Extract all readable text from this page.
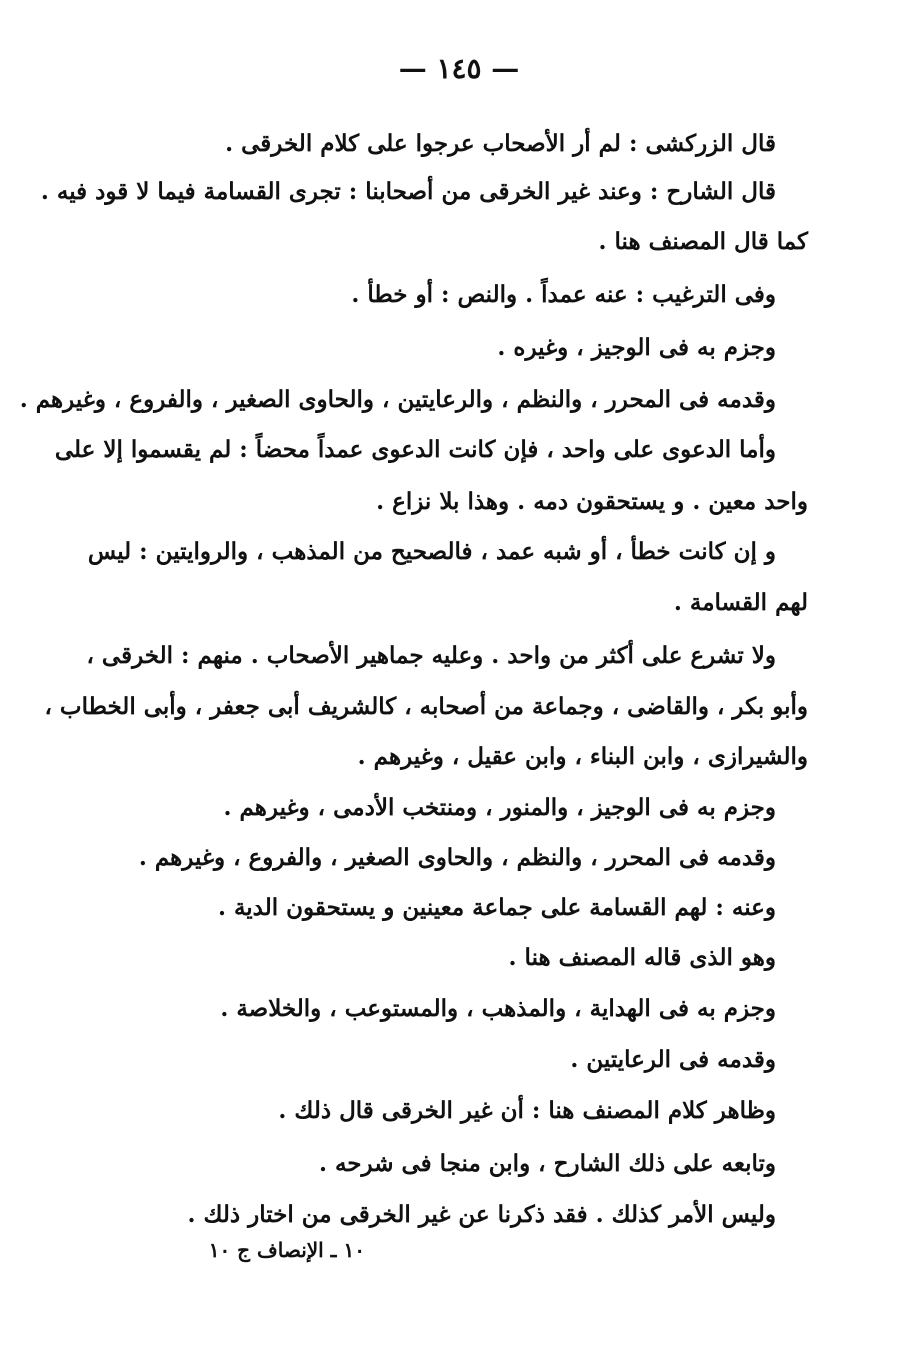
— ١٤٥ —
قال الزركشى : لم أر الأصحاب عرجوا على كلام الخرقى .
قال الشارح : وعند غير الخرقى من أصحابنا : تجرى القسامة فيما لا قود فيه .
كما قال المصنف هنا .
وفى الترغيب : عنه عمداً . والنص : أو خطأ .
وجزم به فى الوجيز ، وغيره .
وقدمه فى المحرر ، والنظم ، والرعايتين ، والحاوى الصغير ، والفروع ، وغيرهم .
وأما الدعوى على واحد ، فإن كانت الدعوى عمداً محضاً : لم يقسموا إلا على
واحد معين . و يستحقون دمه . وهذا بلا نزاع .
و إن كانت خطأ ، أو شبه عمد ، فالصحيح من المذهب ، والروايتين : ليس
لهم القسامة .
ولا تشرع على أكثر من واحد . وعليه جماهير الأصحاب . منهم : الخرقى ،
وأبو بكر ، والقاضى ، وجماعة من أصحابه ، كالشريف أبى جعفر ، وأبى الخطاب ،
والشيرازى ، وابن البناء ، وابن عقيل ، وغيرهم .
وجزم به فى الوجيز ، والمنور ، ومنتخب الأدمى ، وغيرهم .
وقدمه فى المحرر ، والنظم ، والحاوى الصغير ، والفروع ، وغيرهم .
وعنه : لهم القسامة على جماعة معينين و يستحقون الدية .
وهو الذى قاله المصنف هنا .
وجزم به فى الهداية ، والمذهب ، والمستوعب ، والخلاصة .
وقدمه فى الرعايتين .
وظاهر كلام المصنف هنا : أن غير الخرقى قال ذلك .
وتابعه على ذلك الشارح ، وابن منجا فى شرحه .
وليس الأمر كذلك . فقد ذكرنا عن غير الخرقى من اختار ذلك .
١٠ ـ الإنصاف ج ١٠
